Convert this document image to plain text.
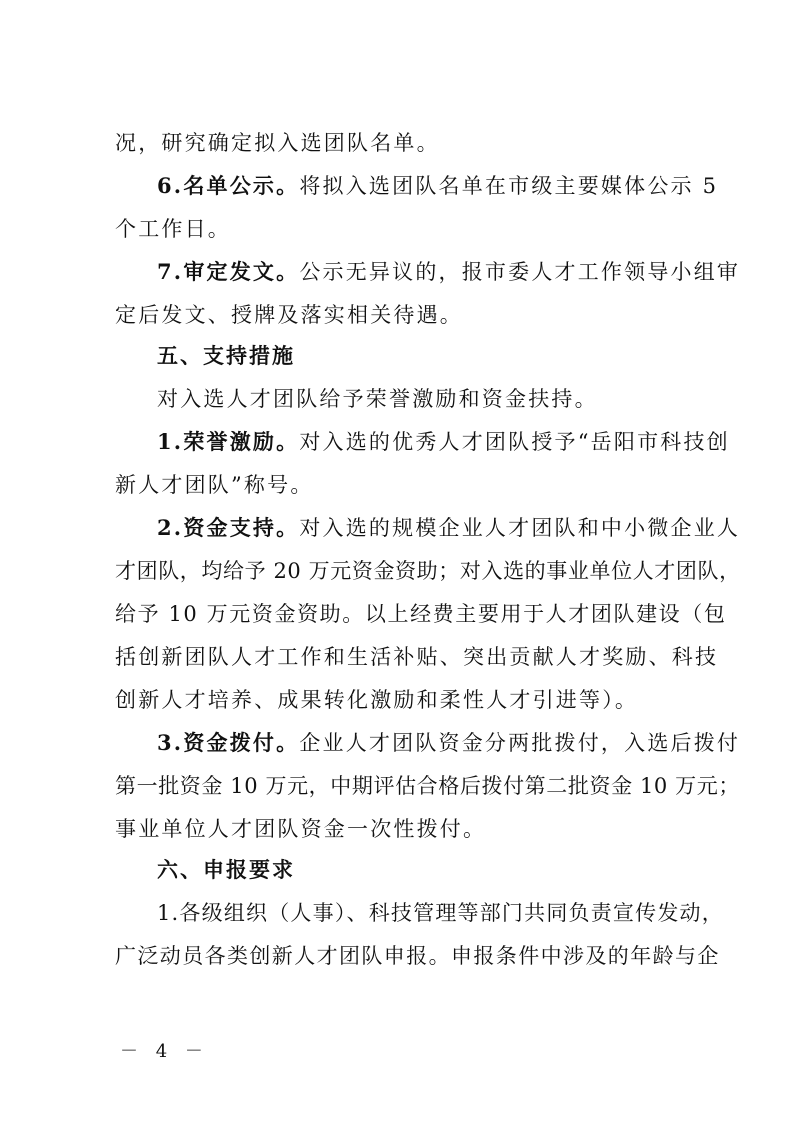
况，研究确定拟入选团队名单。
6.名单公示。将拟入选团队名单在市级主要媒体公示 5
个工作日。
7.审定发文。公示无异议的，报市委人才工作领导小组审
定后发文、授牌及落实相关待遇。
五、支持措施
对入选人才团队给予荣誉激励和资金扶持。
1.荣誉激励。对入选的优秀人才团队授予“岳阳市科技创
新人才团队”称号。
2.资金支持。对入选的规模企业人才团队和中小微企业人
才团队，均给予 20 万元资金资助；对入选的事业单位人才团队，
给予 10 万元资金资助。以上经费主要用于人才团队建设（包
括创新团队人才工作和生活补贴、突出贡献人才奖励、科技
创新人才培养、成果转化激励和柔性人才引进等）。
3.资金拨付。企业人才团队资金分两批拨付，入选后拨付
第一批资金 10 万元，中期评估合格后拨付第二批资金 10 万元；
事业单位人才团队资金一次性拨付。
六、申报要求
1.各级组织（人事）、科技管理等部门共同负责宣传发动，
广泛动员各类创新人才团队申报。申报条件中涉及的年龄与企
－ 4 －
